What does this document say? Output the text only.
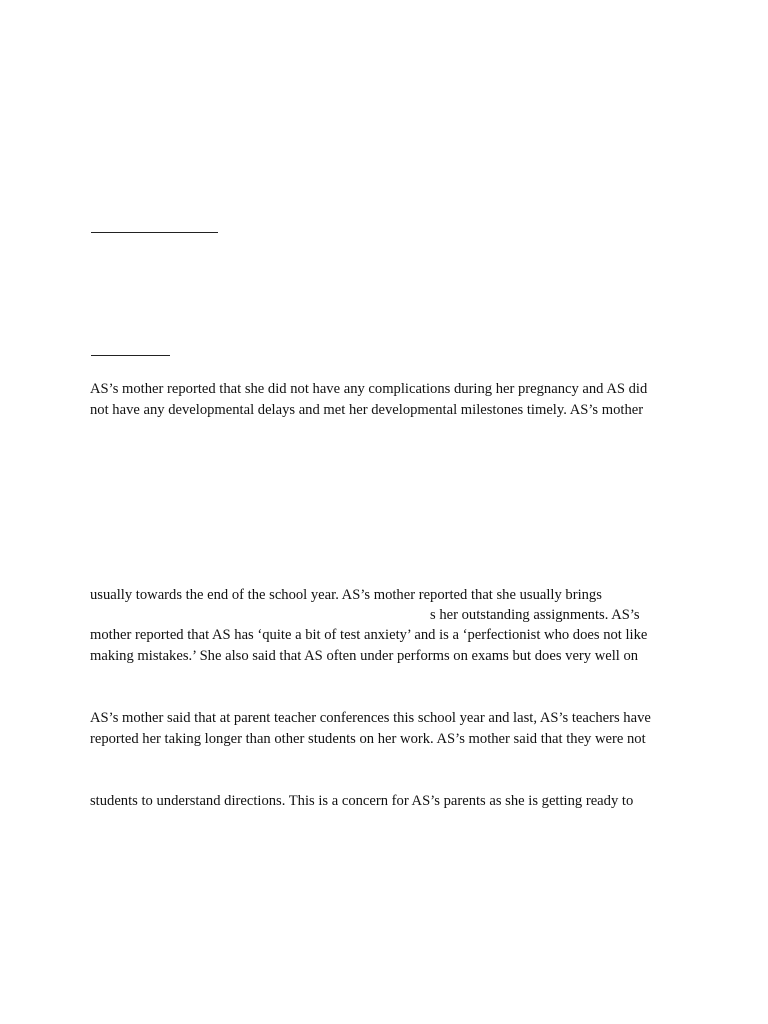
AS’s mother reported that she did not have any complications during her pregnancy and AS did
not have any developmental delays and met her developmental milestones timely. AS’s mother
usually towards the end of the school year. AS’s mother reported that she usually brings
s her outstanding assignments. AS’s
mother reported that AS has ‘quite a bit of test anxiety’ and is a ‘perfectionist who does not like
making mistakes.’ She also said that AS often under performs on exams but does very well on
AS’s mother said that at parent teacher conferences this school year and last, AS’s teachers have
reported her taking longer than other students on her work. AS’s mother said that they were not
students to understand directions. This is a concern for AS’s parents as she is getting ready to
